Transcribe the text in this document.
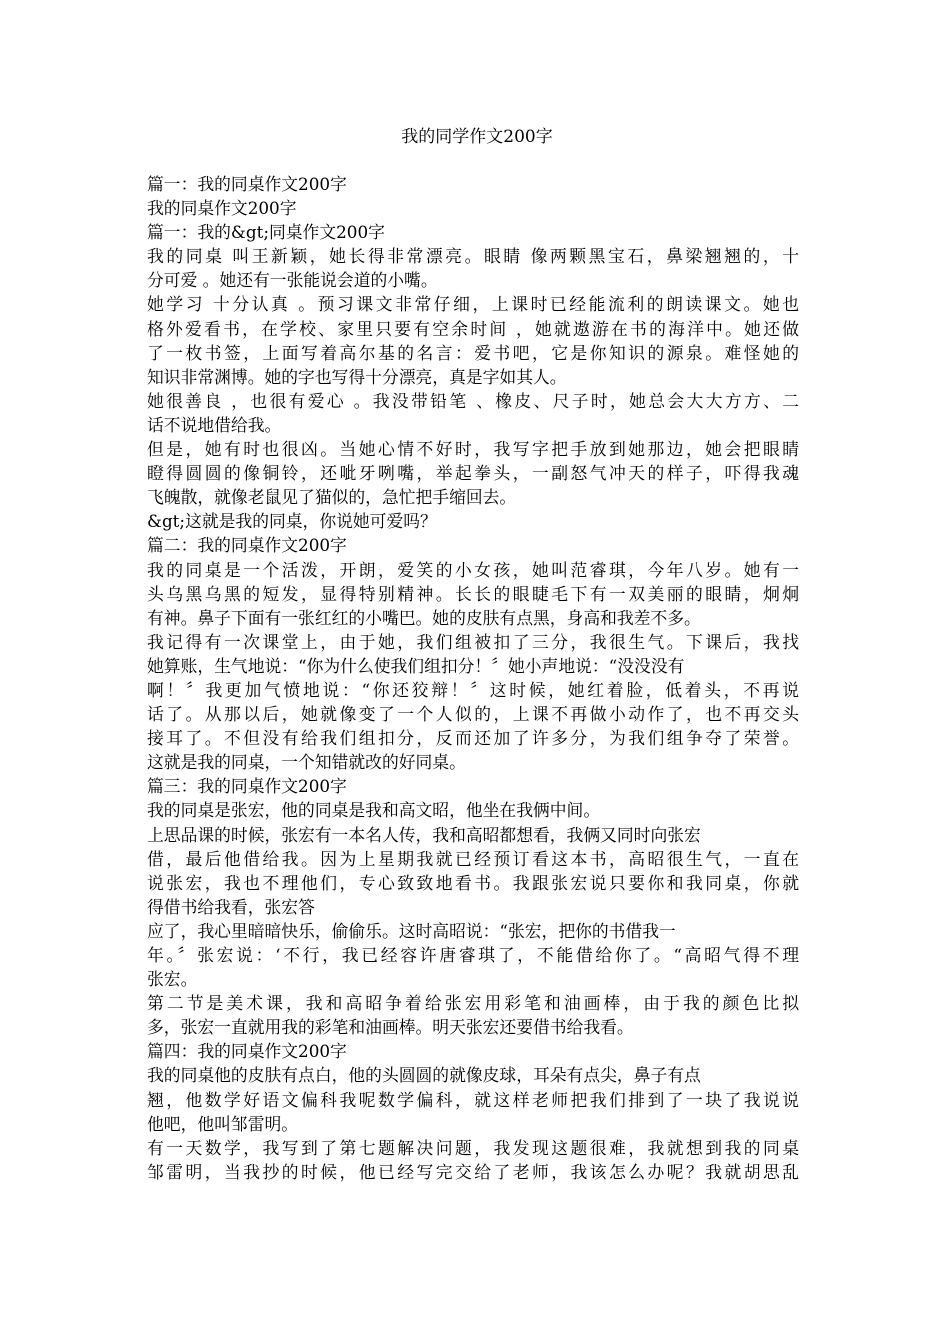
我的同学作文200字
篇一：我的同桌作文200字
我的同桌作文200字
篇一：我的&gt;同桌作文200字
我的同桌 叫王新颖，她长得非常漂亮。眼睛 像两颗黑宝石，鼻梁翘翘的，十
分可爱 。她还有一张能说会道的小嘴。
她学习 十分认真 。预习课文非常仔细，上课时已经能流利的朗读课文。她也
格外爱看书，在学校、家里只要有空余时间 ，她就遨游在书的海洋中。她还做
了一枚书签，上面写着高尔基的名言：爱书吧，它是你知识的源泉。难怪她的
知识非常渊博。她的字也写得十分漂亮，真是字如其人。
她很善良 ，也很有爱心 。我没带铅笔 、橡皮、尺子时，她总会大大方方、二
话不说地借给我。
但是，她有时也很凶。当她心情不好时，我写字把手放到她那边，她会把眼睛
瞪得圆圆的像铜铃，还呲牙咧嘴，举起拳头，一副怒气冲天的样子，吓得我魂
飞魄散，就像老鼠见了猫似的，急忙把手缩回去。
&gt;这就是我的同桌，你说她可爱吗？
篇二：我的同桌作文200字
我的同桌是一个活泼，开朗，爱笑的小女孩，她叫范睿琪，今年八岁。她有一
头乌黑乌黑的短发，显得特别精神。长长的眼睫毛下有一双美丽的眼睛，炯炯
有神。鼻子下面有一张红红的小嘴巴。她的皮肤有点黑，身高和我差不多。
我记得有一次课堂上，由于她，我们组被扣了三分，我很生气。下课后，我找
她算账，生气地说：“你为什么使我们组扣分！〞她小声地说：“没没没有
啊！〞我更加气愤地说：“你还狡辩！〞这时候，她红着脸，低着头，不再说
话了。从那以后，她就像变了一个人似的，上课不再做小动作了，也不再交头
接耳了。不但没有给我们组扣分，反而还加了许多分，为我们组争夺了荣誉。
这就是我的同桌，一个知错就改的好同桌。
篇三：我的同桌作文200字
我的同桌是张宏，他的同桌是我和高文昭，他坐在我俩中间。
上思品课的时候，张宏有一本名人传，我和高昭都想看，我俩又同时向张宏
借，最后他借给我。因为上星期我就已经预订看这本书，高昭很生气，一直在
说张宏，我也不理他们，专心致致地看书。我跟张宏说只要你和我同桌，你就
得借书给我看，张宏答
应了，我心里暗暗快乐，偷偷乐。这时高昭说：“张宏，把你的书借我一
年。〞张宏说：‘不行，我已经容许唐睿琪了，不能借给你了。“高昭气得不理
张宏。
第二节是美术课，我和高昭争着给张宏用彩笔和油画棒，由于我的颜色比拟
多，张宏一直就用我的彩笔和油画棒。明天张宏还要借书给我看。
篇四：我的同桌作文200字
我的同桌他的皮肤有点白，他的头圆圆的就像皮球，耳朵有点尖，鼻子有点
翘，他数学好语文偏科我呢数学偏科，就这样老师把我们排到了一块了我说说
他吧，他叫邹雷明。
有一天数学，我写到了第七题解决问题，我发现这题很难，我就想到我的同桌
邹雷明，当我抄的时候，他已经写完交给了老师，我该怎么办呢？我就胡思乱
